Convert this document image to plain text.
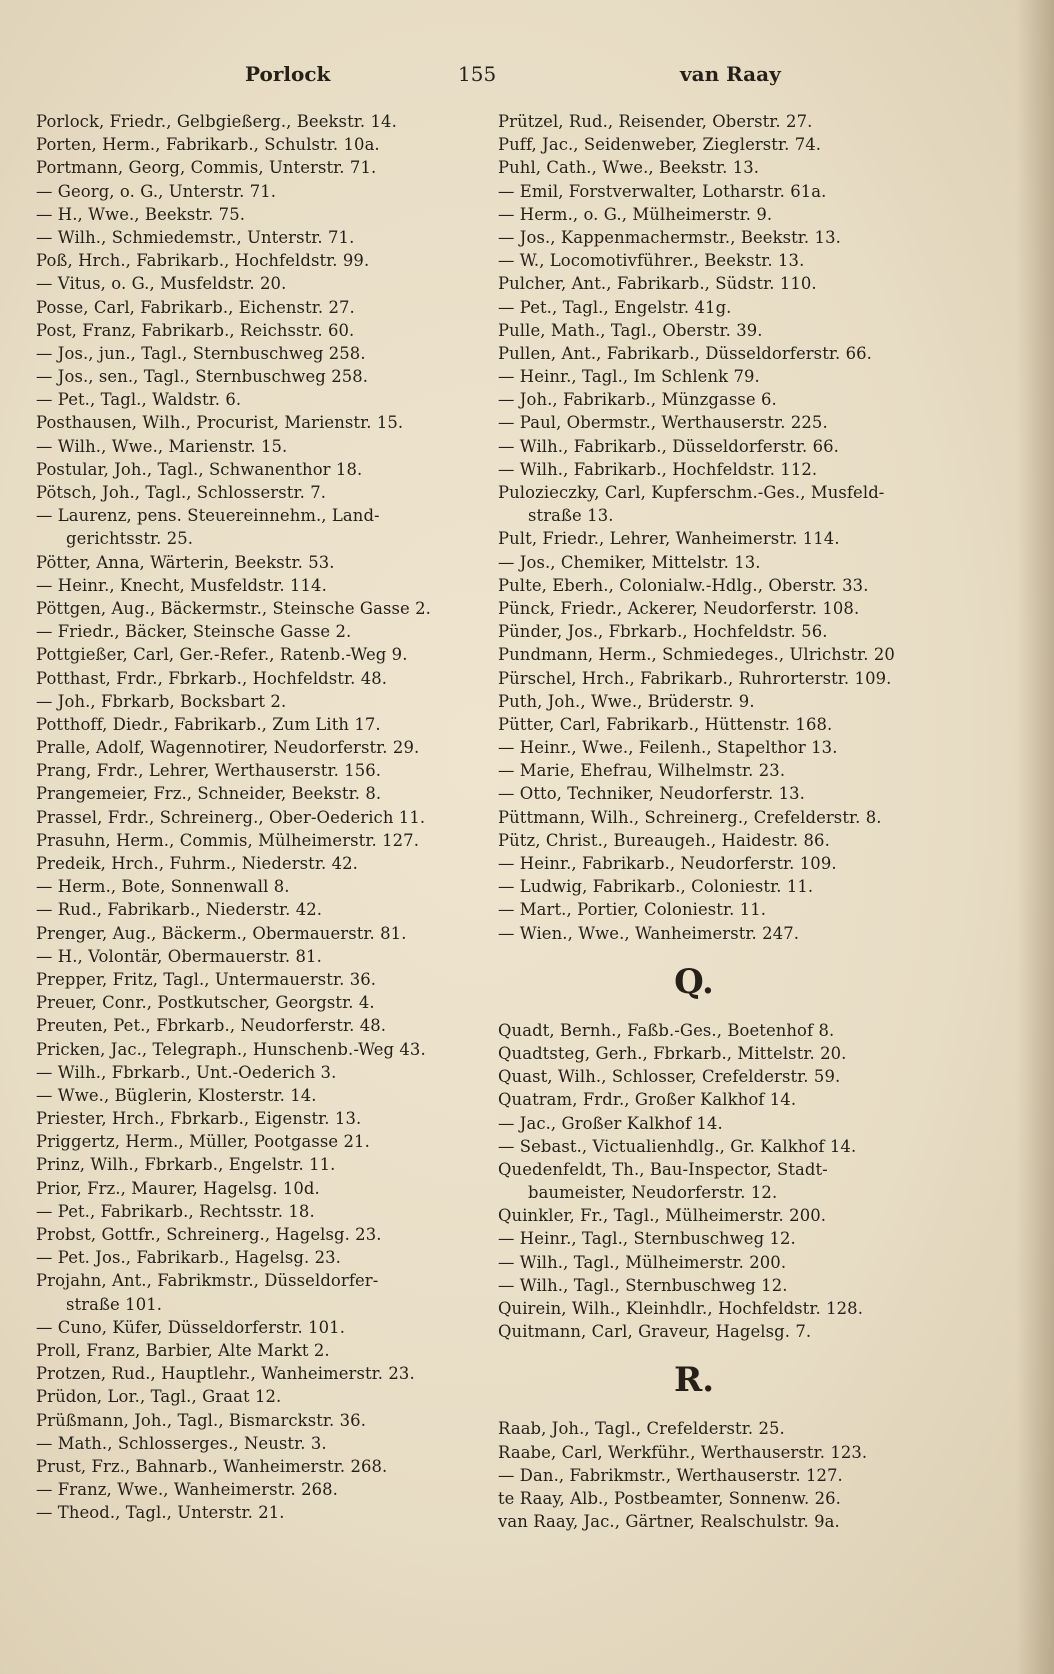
Porlock	155	van Raay
Porlock, Friedr., Gelbgießerg., Beekstr. 14.
Porten, Herm., Fabrikarb., Schulstr. 10a.
Portmann, Georg, Commis, Unterstr. 71.
— Georg, o. G., Unterstr. 71.
— H., Wwe., Beekstr. 75.
— Wilh., Schmiedemstr., Unterstr. 71.
Poß, Hrch., Fabrikarb., Hochfeldstr. 99.
— Vitus, o. G., Musfeldstr. 20.
Posse, Carl, Fabrikarb., Eichenstr. 27.
Post, Franz, Fabrikarb., Reichsstr. 60.
— Jos., jun., Tagl., Sternbuschweg 258.
— Jos., sen., Tagl., Sternbuschweg 258.
— Pet., Tagl., Waldstr. 6.
Posthausen, Wilh., Procurist, Marienstr. 15.
— Wilh., Wwe., Marienstr. 15.
Postular, Joh., Tagl., Schwanenthor 18.
Pötsch, Joh., Tagl., Schlosserstr. 7.
— Laurenz, pens. Steuereinnehm., Land-
gerichtsstr. 25.
Pötter, Anna, Wärterin, Beekstr. 53.
— Heinr., Knecht, Musfeldstr. 114.
Pöttgen, Aug., Bäckermstr., Steinsche Gasse 2.
— Friedr., Bäcker, Steinsche Gasse 2.
Pottgießer, Carl, Ger.-Refer., Ratenb.-Weg 9.
Potthast, Frdr., Fbrkarb., Hochfeldstr. 48.
— Joh., Fbrkarb, Bocksbart 2.
Potthoff, Diedr., Fabrikarb., Zum Lith 17.
Pralle, Adolf, Wagennotirer, Neudorferstr. 29.
Prang, Frdr., Lehrer, Werthauserstr. 156.
Prangemeier, Frz., Schneider, Beekstr. 8.
Prassel, Frdr., Schreinerg., Ober-Oederich 11.
Prasuhn, Herm., Commis, Mülheimerstr. 127.
Predeik, Hrch., Fuhrm., Niederstr. 42.
— Herm., Bote, Sonnenwall 8.
— Rud., Fabrikarb., Niederstr. 42.
Prenger, Aug., Bäckerm., Obermauerstr. 81.
— H., Volontär, Obermauerstr. 81.
Prepper, Fritz, Tagl., Untermauerstr. 36.
Preuer, Conr., Postkutscher, Georgstr. 4.
Preuten, Pet., Fbrkarb., Neudorferstr. 48.
Pricken, Jac., Telegraph., Hunschenb.-Weg 43.
— Wilh., Fbrkarb., Unt.-Oederich 3.
— Wwe., Büglerin, Klosterstr. 14.
Priester, Hrch., Fbrkarb., Eigenstr. 13.
Priggertz, Herm., Müller, Pootgasse 21.
Prinz, Wilh., Fbrkarb., Engelstr. 11.
Prior, Frz., Maurer, Hagelsg. 10d.
— Pet., Fabrikarb., Rechtsstr. 18.
Probst, Gottfr., Schreinerg., Hagelsg. 23.
— Pet. Jos., Fabrikarb., Hagelsg. 23.
Projahn, Ant., Fabrikmstr., Düsseldorfer-
straße 101.
— Cuno, Küfer, Düsseldorferstr. 101.
Proll, Franz, Barbier, Alte Markt 2.
Protzen, Rud., Hauptlehr., Wanheimerstr. 23.
Prüdon, Lor., Tagl., Graat 12.
Prüßmann, Joh., Tagl., Bismarckstr. 36.
— Math., Schlosserges., Neustr. 3.
Prust, Frz., Bahnarb., Wanheimerstr. 268.
— Franz, Wwe., Wanheimerstr. 268.
— Theod., Tagl., Unterstr. 21.
Prützel, Rud., Reisender, Oberstr. 27.
Puff, Jac., Seidenweber, Zieglerstr. 74.
Puhl, Cath., Wwe., Beekstr. 13.
— Emil, Forstverwalter, Lotharstr. 61a.
— Herm., o. G., Mülheimerstr. 9.
— Jos., Kappenmachermstr., Beekstr. 13.
— W., Locomotivführer., Beekstr. 13.
Pulcher, Ant., Fabrikarb., Südstr. 110.
— Pet., Tagl., Engelstr. 41g.
Pulle, Math., Tagl., Oberstr. 39.
Pullen, Ant., Fabrikarb., Düsseldorferstr. 66.
— Heinr., Tagl., Im Schlenk 79.
— Joh., Fabrikarb., Münzgasse 6.
— Paul, Obermstr., Werthauserstr. 225.
— Wilh., Fabrikarb., Düsseldorferstr. 66.
— Wilh., Fabrikarb., Hochfeldstr. 112.
Pulozieczky, Carl, Kupferschm.-Ges., Musfeld-
straße 13.
Pult, Friedr., Lehrer, Wanheimerstr. 114.
— Jos., Chemiker, Mittelstr. 13.
Pulte, Eberh., Colonialw.-Hdlg., Oberstr. 33.
Pünck, Friedr., Ackerer, Neudorferstr. 108.
Pünder, Jos., Fbrkarb., Hochfeldstr. 56.
Pundmann, Herm., Schmiedeges., Ulrichstr. 20
Pürschel, Hrch., Fabrikarb., Ruhrorterstr. 109.
Puth, Joh., Wwe., Brüderstr. 9.
Pütter, Carl, Fabrikarb., Hüttenstr. 168.
— Heinr., Wwe., Feilenh., Stapelthor 13.
— Marie, Ehefrau, Wilhelmstr. 23.
— Otto, Techniker, Neudorferstr. 13.
Püttmann, Wilh., Schreinerg., Crefelderstr. 8.
Pütz, Christ., Bureaugeh., Haidestr. 86.
— Heinr., Fabrikarb., Neudorferstr. 109.
— Ludwig, Fabrikarb., Coloniestr. 11.
— Mart., Portier, Coloniestr. 11.
— Wien., Wwe., Wanheimerstr. 247.
Q.
Quadt, Bernh., Faßb.-Ges., Boetenhof 8.
Quadtsteg, Gerh., Fbrkarb., Mittelstr. 20.
Quast, Wilh., Schlosser, Crefelderstr. 59.
Quatram, Frdr., Großer Kalkhof 14.
— Jac., Großer Kalkhof 14.
— Sebast., Victualienhdlg., Gr. Kalkhof 14.
Quedenfeldt, Th., Bau-Inspector, Stadt-
baumeister, Neudorferstr. 12.
Quinkler, Fr., Tagl., Mülheimerstr. 200.
— Heinr., Tagl., Sternbuschweg 12.
— Wilh., Tagl., Mülheimerstr. 200.
— Wilh., Tagl., Sternbuschweg 12.
Quirein, Wilh., Kleinhdlr., Hochfeldstr. 128.
Quitmann, Carl, Graveur, Hagelsg. 7.
R.
Raab, Joh., Tagl., Crefelderstr. 25.
Raabe, Carl, Werkführ., Werthauserstr. 123.
— Dan., Fabrikmstr., Werthauserstr. 127.
te Raay, Alb., Postbeamter, Sonnenw. 26.
van Raay, Jac., Gärtner, Realschulstr. 9a.
